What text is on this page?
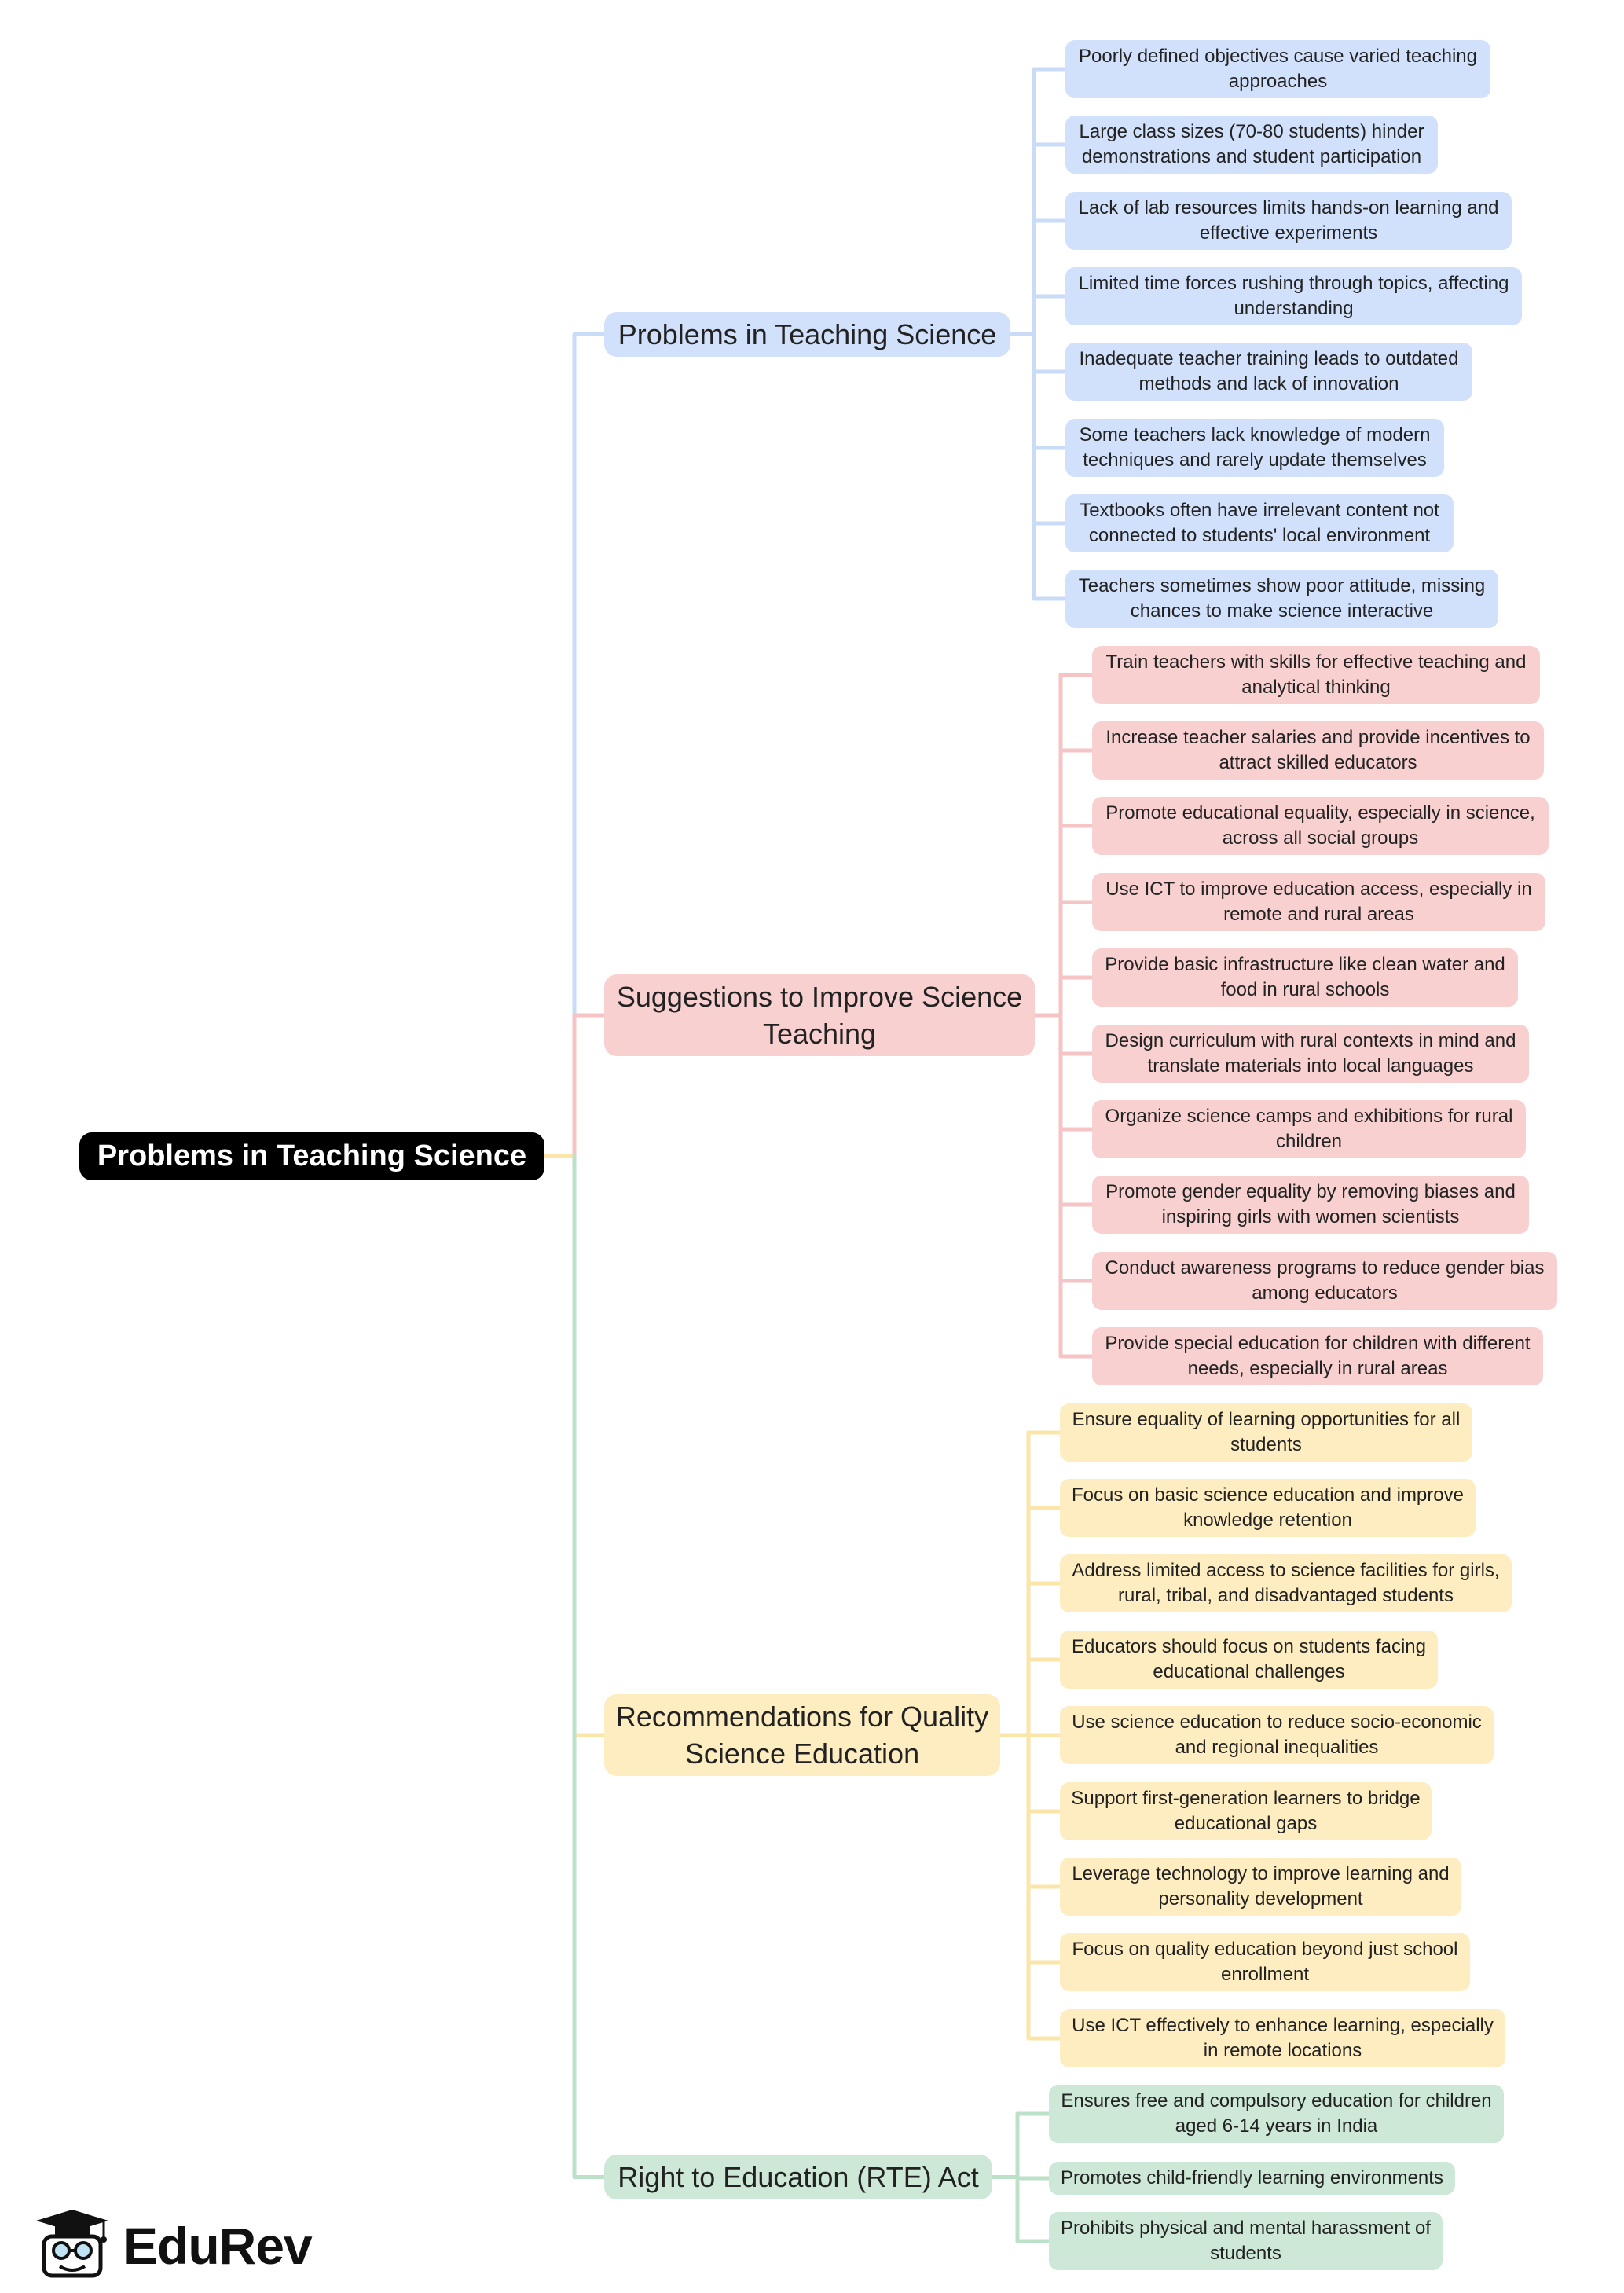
Problems in Teaching Science
Problems in Teaching Science
Poorly defined objectives cause varied teaching approaches
Large class sizes (70-80 students) hinder demonstrations and student participation
Lack of lab resources limits hands-on learning and effective experiments
Limited time forces rushing through topics, affecting understanding
Inadequate teacher training leads to outdated methods and lack of innovation
Some teachers lack knowledge of modern techniques and rarely update themselves
Textbooks often have irrelevant content not connected to students' local environment
Teachers sometimes show poor attitude, missing chances to make science interactive
Suggestions to Improve Science Teaching
Train teachers with skills for effective teaching and analytical thinking
Increase teacher salaries and provide incentives to attract skilled educators
Promote educational equality, especially in science, across all social groups
Use ICT to improve education access, especially in remote and rural areas
Provide basic infrastructure like clean water and food in rural schools
Design curriculum with rural contexts in mind and translate materials into local languages
Organize science camps and exhibitions for rural children
Promote gender equality by removing biases and inspiring girls with women scientists
Conduct awareness programs to reduce gender bias among educators
Provide special education for children with different needs, especially in rural areas
Recommendations for Quality Science Education
Ensure equality of learning opportunities for all students
Focus on basic science education and improve knowledge retention
Address limited access to science facilities for girls, rural, tribal, and disadvantaged students
Educators should focus on students facing educational challenges
Use science education to reduce socio-economic and regional inequalities
Support first-generation learners to bridge educational gaps
Leverage technology to improve learning and personality development
Focus on quality education beyond just school enrollment
Use ICT effectively to enhance learning, especially in remote locations
Right to Education (RTE) Act
Ensures free and compulsory education for children aged 6-14 years in India
Promotes child-friendly learning environments
Prohibits physical and mental harassment of students
EduRev
